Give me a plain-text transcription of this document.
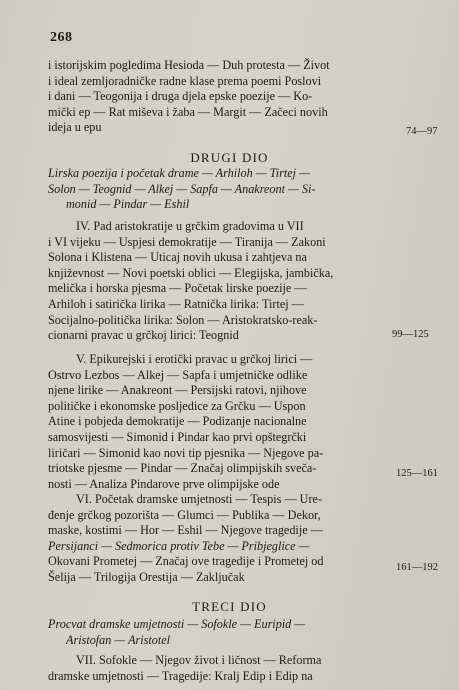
268
i istorijskim pogledima Hesioda — Duh protesta — Život
i ideal zemljoradničke radne klase prema poemi Poslovi
i dani — Teogonija i druga djela epske poezije — Ko-
mički ep — Rat miševa i žaba — Margit — Začeci novih
ideja u epu	74—97
DRUGI DIO
Lirska poezija i početak drame — Arhiloh — Tirtej —
Solon — Teognid — Alkej — Sapfa — Anakreont — Si-
monid — Pindar — Eshil
IV. Pad aristokratije u grčkim gradovima u VII
i VI vijeku — Uspjesi demokratije — Tiranija — Zakoni
Solona i Klistena — Uticaj novih ukusa i zahtjeva na
književnost — Novi poetski oblici — Elegijska, jambička,
melička i horska pjesma — Početak lirske poezije —
Arhiloh i satirička lirika — Ratnička lirika: Tirtej —
Socijalno-politička lirika: Solon — Aristokratsko-reak-
cionarni pravac u grčkoj lirici: Teognid	99—125
V. Epikurejski i erotički pravac u grčkoj lirici —
Ostrvo Lezbos — Alkej — Sapfa i umjetničke odlike
njene lirike — Anakreont — Persijski ratovi, njihove
političke i ekonomske posljedice za Grčku — Uspon
Atine i pobjeda demokratije — Podizanje nacionalne
samosvijesti — Simonid i Pindar kao prvi opštegrčki
liričari — Simonid kao novi tip pjesnika — Njegove pa-
triotske pjesme — Pindar — Značaj olimpijskih sveča-
nosti — Analiza Pindarove prve olimpijske ode
125—161
VI. Početak dramske umjetnosti — Tespis — Ure-
đenje grčkog pozorišta — Glumci — Publika — Dekor,
maske, kostimi — Hor — Eshil — Njegove tragedije —
Persijanci — Sedmorica protiv Tebe — Pribjeglice —
Okovani Prometej — Značaj ove tragedije i Prometej od
Šelija — Trilogija Orestija — Zaključak
161—192
TRECI DIO
Procvat dramske umjetnosti — Sofokle — Euripid —
Aristofan — Aristotel
VII. Sofokle — Njegov život i ličnost — Reforma
dramske umjetnosti — Tragedije: Kralj Edip i Edip na
